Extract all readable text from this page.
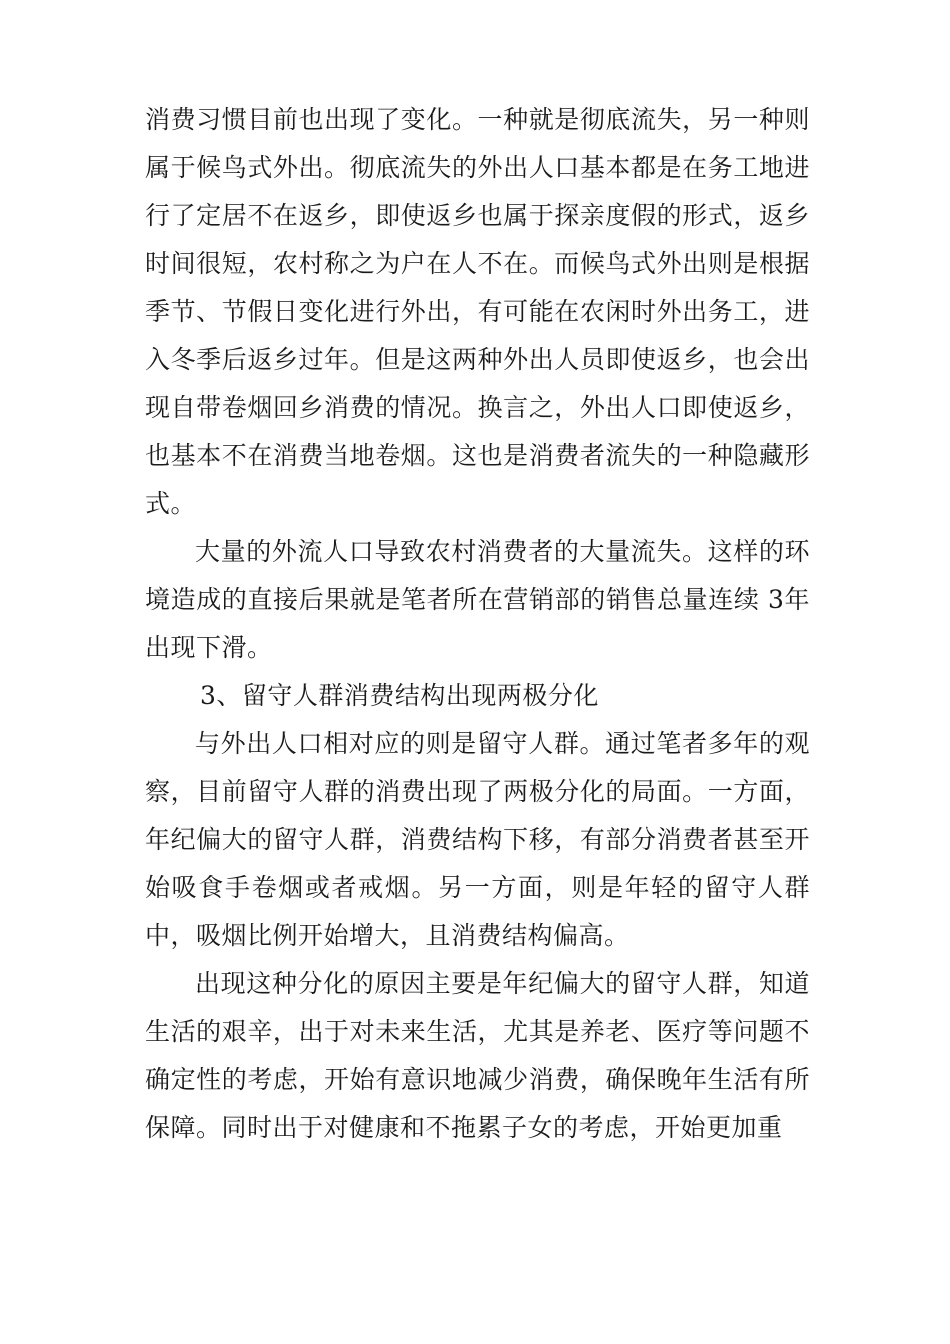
消费习惯目前也出现了变化。一种就是彻底流失，另一种则属于候鸟式外出。彻底流失的外出人口基本都是在务工地进行了定居不在返乡，即使返乡也属于探亲度假的形式，返乡时间很短，农村称之为户在人不在。而候鸟式外出则是根据季节、节假日变化进行外出，有可能在农闲时外出务工，进入冬季后返乡过年。但是这两种外出人员即使返乡，也会出现自带卷烟回乡消费的情况。换言之，外出人口即使返乡，也基本不在消费当地卷烟。这也是消费者流失的一种隐藏形式。

大量的外流人口导致农村消费者的大量流失。这样的环境造成的直接后果就是笔者所在营销部的销售总量连续 3年出现下滑。

3、留守人群消费结构出现两极分化

与外出人口相对应的则是留守人群。通过笔者多年的观察，目前留守人群的消费出现了两极分化的局面。一方面，年纪偏大的留守人群，消费结构下移，有部分消费者甚至开始吸食手卷烟或者戒烟。另一方面，则是年轻的留守人群中，吸烟比例开始增大，且消费结构偏高。

出现这种分化的原因主要是年纪偏大的留守人群，知道生活的艰辛，出于对未来生活，尤其是养老、医疗等问题不确定性的考虑，开始有意识地减少消费，确保晚年生活有所保障。同时出于对健康和不拖累子女的考虑，开始更加重
